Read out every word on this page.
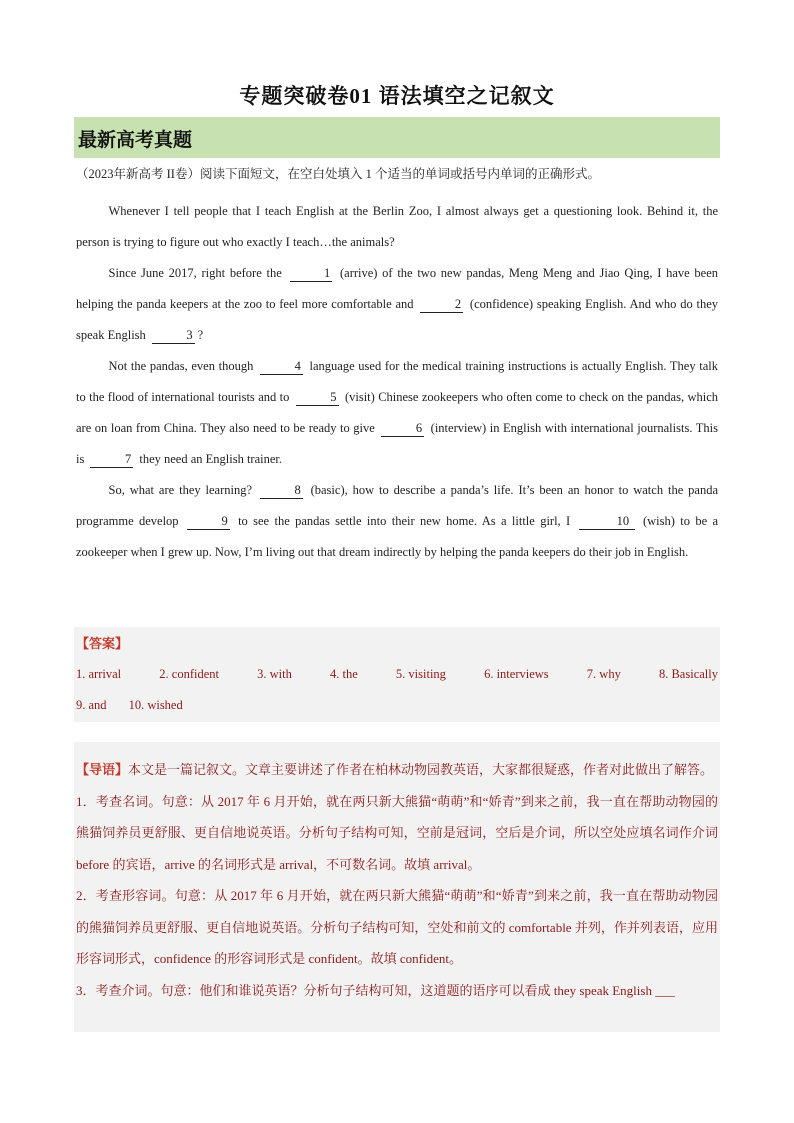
专题突破卷01 语法填空之记叙文
最新高考真题
（2023年新高考 II卷）阅读下面短文，在空白处填入 1 个适当的单词或括号内单词的正确形式。

Whenever I tell people that I teach English at the Berlin Zoo, I almost always get a questioning look. Behind it, the person is trying to figure out who exactly I teach…the animals?

Since June 2017, right before the	1 (arrive) of the two new pandas, Meng Meng and Jiao Qing, I have been helping the panda keepers at the zoo to feel more comfortable and	2 (confidence) speaking English. And who do they speak English	3 ?

Not the pandas, even though	4 language used for the medical training instructions is actually English. They talk to the flood of international tourists and to	5 (visit) Chinese zookeepers who often come to check on the pandas, which are on loan from China. They also need to be ready to give	6 (interview) in English with international journalists. This is	7 they need an English trainer.

So, what are they learning?	8 (basic), how to describe a panda’s life. It’s been an honor to watch the panda programme develop	9 to see the pandas settle into their new home. As a little girl, I	10 (wish) to be a zookeeper when I grew up. Now, I’m living out that dream indirectly by helping the panda keepers do their job in English.

【答案】
1. arrival	2. confident	3. with	4. the	5. visiting	6. interviews	7. why	8. Basically
9. and 10. wished

【导语】本文是一篇记叙文。文章主要讲述了作者在柏林动物园教英语，大家都很疑惑，作者对此做出了解答。

1．考查名词。句意：从 2017 年 6 月开始，就在两只新大熊猫“萌萌”和“娇青”到来之前，我一直在帮助动物园的熊猫饲养员更舒服、更自信地说英语。分析句子结构可知，空前是冠词，空后是介词，所以空处应填名词作介词 before 的宾语，arrive 的名词形式是 arrival，不可数名词。故填 arrival。

2．考查形容词。句意：从 2017 年 6 月开始，就在两只新大熊猫“萌萌”和“娇青”到来之前，我一直在帮助动物园的熊猫饲养员更舒服、更自信地说英语。分析句子结构可知，空处和前文的 comfortable 并列，作并列表语，应用形容词形式，confidence 的形容词形式是 confident。故填 confident。

3．考查介词。句意：他们和谁说英语？分析句子结构可知，这道题的语序可以看成 they speak English ___
